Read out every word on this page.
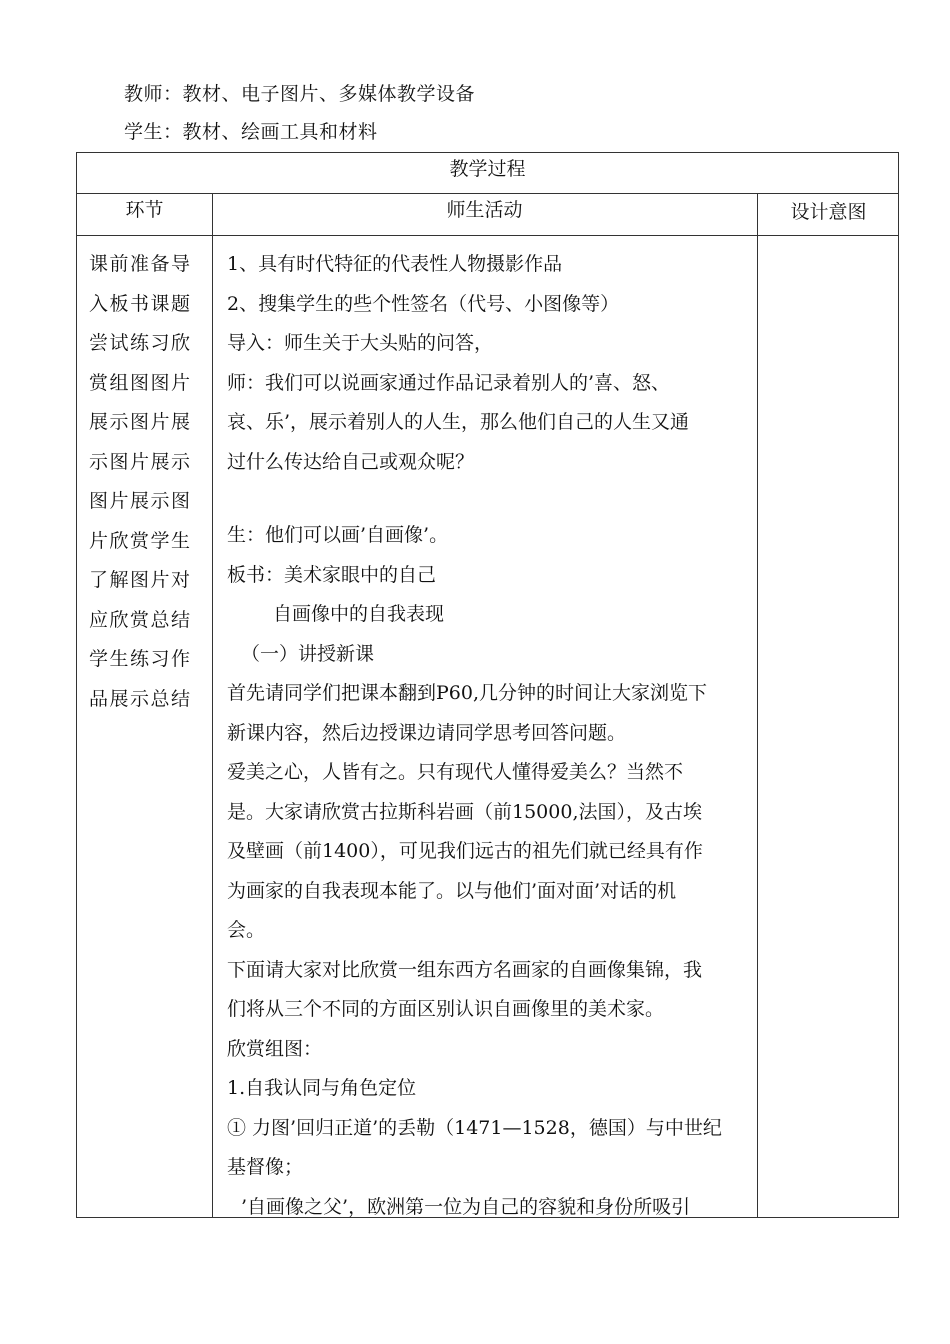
教师：教材、电子图片、多媒体教学设备
学生：教材、绘画工具和材料
教学过程
环节	师生活动	设计意图
课前准备导入板书课题尝试练习欣赏组图图片展示图片展示图片展示图片展示图片欣赏学生了解图片对应欣赏总结学生练习作品展示总结

1、具有时代特征的代表性人物摄影作品

2、搜集学生的些个性签名（代号、小图像等）

导入：师生关于大头贴的问答，

师：我们可以说画家通过作品记录着别人的’喜、怒、

哀、乐’，展示着别人的人生，那么他们自己的人生又通

过什么传达给自己或观众呢？

生：他们可以画’自画像’。

板书：美术家眼中的自己

自画像中的自我表现

（一）讲授新课

首先请同学们把课本翻到P60,几分钟的时间让大家浏览下

新课内容，然后边授课边请同学思考回答问题。

爱美之心，人皆有之。只有现代人懂得爱美么？当然不

是。大家请欣赏古拉斯科岩画（前15000,法国），及古埃

及壁画（前1400），可见我们远古的祖先们就已经具有作

为画家的自我表现本能了。以与他们’面对面’对话的机

会。

下面请大家对比欣赏一组东西方名画家的自画像集锦，我

们将从三个不同的方面区别认识自画像里的美术家。

欣赏组图：

1.自我认同与角色定位

① 力图’回归正道’的丢勒（1471—1528，德国）与中世纪

基督像；

’自画像之父’，欧洲第一位为自己的容貌和身份所吸引
